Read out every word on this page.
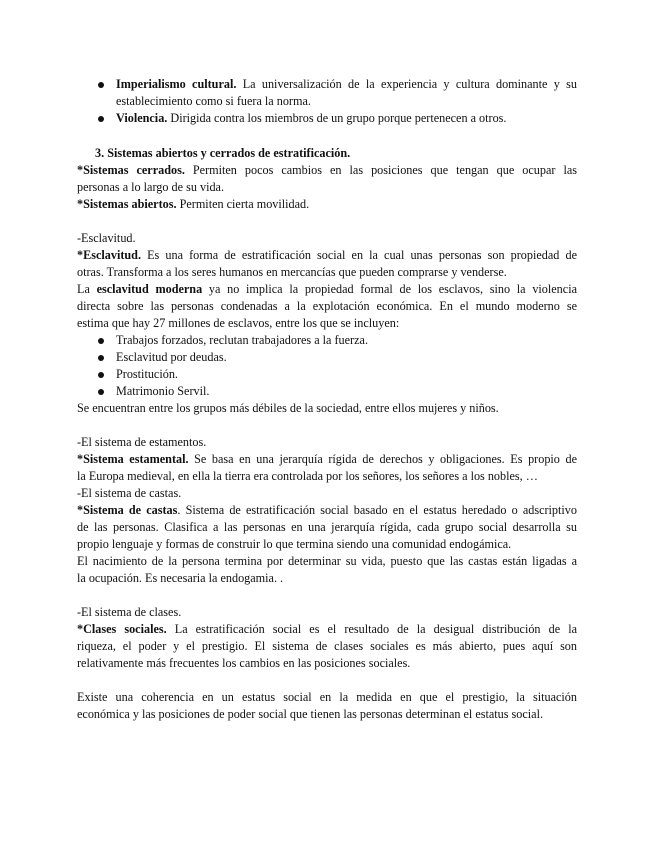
Imperialismo cultural. La universalización de la experiencia y cultura dominante y su
establecimiento como si fuera la norma.
Violencia. Dirigida contra los miembros de un grupo porque pertenecen a otros.
3. Sistemas abiertos y cerrados de estratificación.
*Sistemas cerrados. Permiten pocos cambios en las posiciones que tengan que ocupar las
personas a lo largo de su vida.
*Sistemas abiertos. Permiten cierta movilidad.
-Esclavitud.
*Esclavitud. Es una forma de estratificación social en la cual unas personas son propiedad de
otras. Transforma a los seres humanos en mercancías que pueden comprarse y venderse.
La esclavitud moderna ya no implica la propiedad formal de los esclavos, sino la violencia
directa sobre las personas condenadas a la explotación económica. En el mundo moderno se
estima que hay 27 millones de esclavos, entre los que se incluyen:
Trabajos forzados, reclutan trabajadores a la fuerza.
Esclavitud por deudas.
Prostitución.
Matrimonio Servil.
Se encuentran entre los grupos más débiles de la sociedad, entre ellos mujeres y niños.
-El sistema de estamentos.
*Sistema estamental. Se basa en una jerarquía rígida de derechos y obligaciones. Es propio de
la Europa medieval, en ella la tierra era controlada por los señores, los señores a los nobles, …
-El sistema de castas.
*Sistema de castas. Sistema de estratificación social basado en el estatus heredado o adscriptivo
de las personas. Clasifica a las personas en una jerarquía rígida, cada grupo social desarrolla su
propio lenguaje y formas de construir lo que termina siendo una comunidad endogámica.
El nacimiento de la persona termina por determinar su vida, puesto que las castas están ligadas a
la ocupación. Es necesaria la endogamia. .
-El sistema de clases.
*Clases sociales. La estratificación social es el resultado de la desigual distribución de la
riqueza, el poder y el prestigio. El sistema de clases sociales es más abierto, pues aquí son
relativamente más frecuentes los cambios en las posiciones sociales.
Existe una coherencia en un estatus social en la medida en que el prestigio, la situación
económica y las posiciones de poder social que tienen las personas determinan el estatus social.
